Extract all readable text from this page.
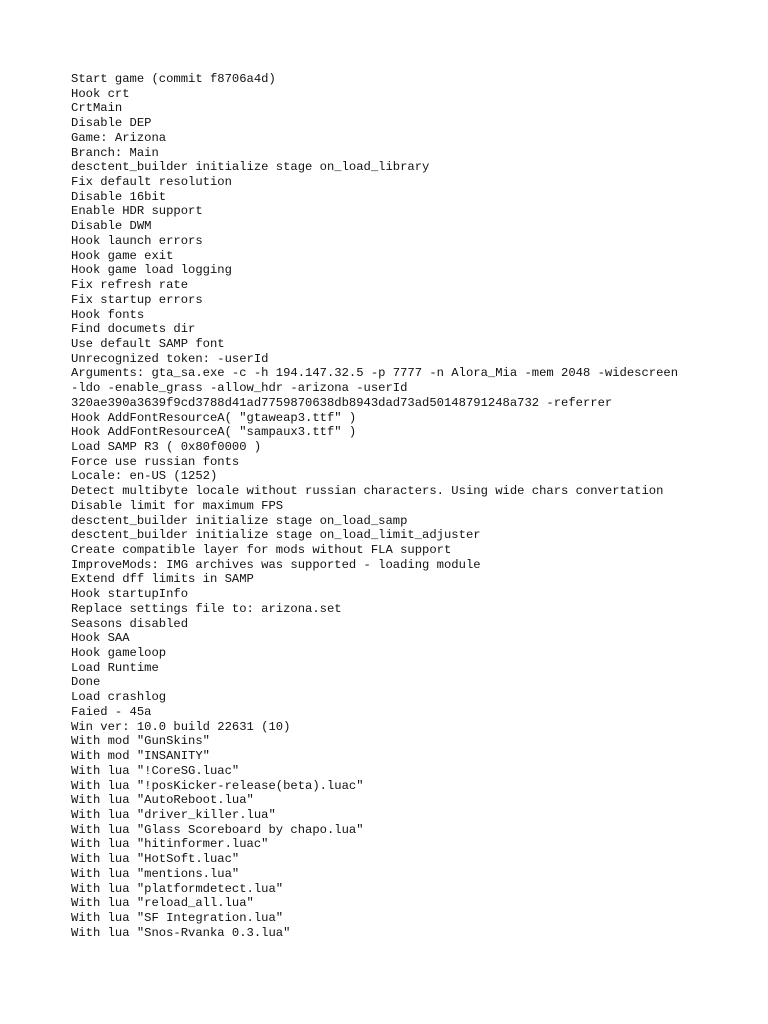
Start game (commit f8706a4d)
Hook crt
CrtMain
Disable DEP
Game: Arizona
Branch: Main
desctent_builder initialize stage on_load_library
Fix default resolution
Disable 16bit
Enable HDR support
Disable DWM
Hook launch errors
Hook game exit
Hook game load logging
Fix refresh rate
Fix startup errors
Hook fonts
Find documets dir
Use default SAMP font
Unrecognized token: -userId
Arguments: gta_sa.exe -c -h 194.147.32.5 -p 7777 -n Alora_Mia -mem 2048 -widescreen
-ldo -enable_grass -allow_hdr -arizona -userId
320ae390a3639f9cd3788d41ad7759870638db8943dad73ad50148791248a732 -referrer
Hook AddFontResourceA( "gtaweap3.ttf" )
Hook AddFontResourceA( "sampaux3.ttf" )
Load SAMP R3 ( 0x80f0000 )
Force use russian fonts
Locale: en-US (1252)
Detect multibyte locale without russian characters. Using wide chars convertation
Disable limit for maximum FPS
desctent_builder initialize stage on_load_samp
desctent_builder initialize stage on_load_limit_adjuster
Create compatible layer for mods without FLA support
ImproveMods: IMG archives was supported - loading module
Extend dff limits in SAMP
Hook startupInfo
Replace settings file to: arizona.set
Seasons disabled
Hook SAA
Hook gameloop
Load Runtime
Done
Load crashlog
Faied - 45a
Win ver: 10.0 build 22631 (10)
With mod "GunSkins"
With mod "INSANITY"
With lua "!CoreSG.luac"
With lua "!posKicker-release(beta).luac"
With lua "AutoReboot.lua"
With lua "driver_killer.lua"
With lua "Glass Scoreboard by chapo.lua"
With lua "hitinformer.luac"
With lua "HotSoft.luac"
With lua "mentions.lua"
With lua "platformdetect.lua"
With lua "reload_all.lua"
With lua "SF Integration.lua"
With lua "Snos-Rvanka 0.3.lua"
